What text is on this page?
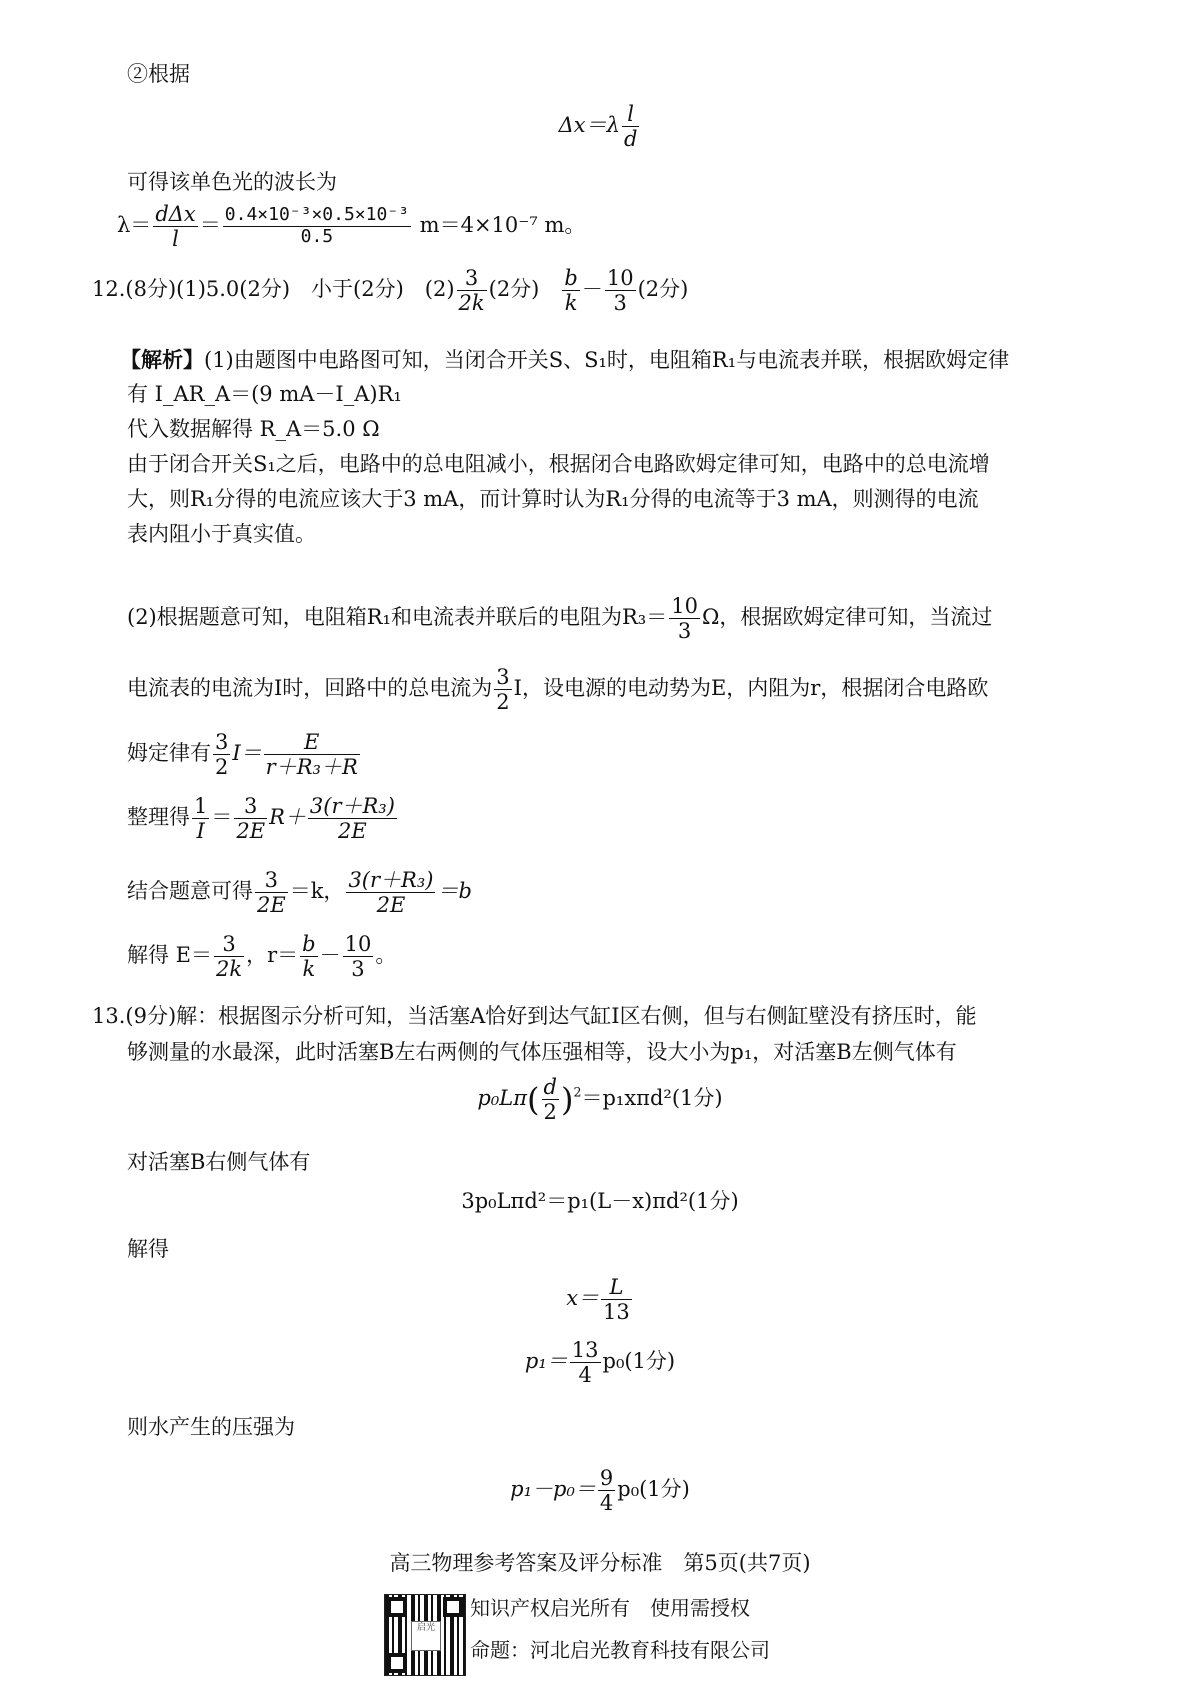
②根据
$\Delta x=\lambda \frac{l}{d}$
可得该单色光的波长为
λ＝ dΔx
l
＝ $\frac{\text{0.4×10⁻³×0.5×10⁻³}}{0.5} m=4\times 10^{-7}$ m。
12.(8分)(1)5.0(2分)　小于(2分)　$(2) \frac{3}{2k} (2$分)　 $\frac{b}{k} - \frac{10}{3} (2$分)
【解析】(1)由题图中电路图可知，当闭合开关S、S₁时，电阻箱R₁与电流表并联，根据欧姆定律
有 I_AR_A＝(9 mA－I_A)R₁
代入数据解得 R_A＝5.0 Ω
由于闭合开关S₁之后，电路中的总电阻减小，根据闭合电路欧姆定律可知，电路中的总电流增
大，则R₁分得的电流应该大于3 mA，而计算时认为R₁分得的电流等于3 mA，则测得的电流
表内阻小于真实值。
(2)根据题意可知，电阻箱R₁和电流表并联后的电阻为$R_3= \frac{10}{3}$ Ω，根据欧姆定律可知，当流过
电流表的电流为I时，回路中的总电流为 $\frac{3}{2}$ I，设电源的电动势为E，内阻为r，根据闭合电路欧
姆定律有 $\frac{3}{2} I= \frac{E}{\text{r＋R₃＋R}}$
整理得 $\frac{1}{I} = \frac{3}{2E} R+ \frac{\text{3(r＋R₃)}}{2E}$
结合题意可得 $\frac{3}{2E} =k$， $\frac{\text{3(r＋R₃)}}{2E} =b$
解得 $E= \frac{3}{2k}$ ，$r= \frac{b}{k} - \frac{10}{3}$ 。
13.(9分)解：根据图示分析可知，当活塞A恰好到达气缸Ⅰ区右侧，但与右侧缸壁没有挤压时，能
够测量的水最深，此时活塞B左右两侧的气体压强相等，设大小为p₁，对活塞B左侧气体有
$p_0L\pi( \frac{d}{2} )^2=p_1x\pi d^2(1$分)
对活塞B右侧气体有
3p₀Lπd²＝p₁(L－x)πd²(1分)
解得
$x= \frac{L}{13}$
$p_1= \frac{13}{4} p_0(1$分)
则水产生的压强为
$p_1-p_0= \frac{9}{4} p_0(1$分)
高三物理参考答案及评分标准　第5页(共7页)
启光
知识产权启光所有　使用需授权
命题：河北启光教育科技有限公司
